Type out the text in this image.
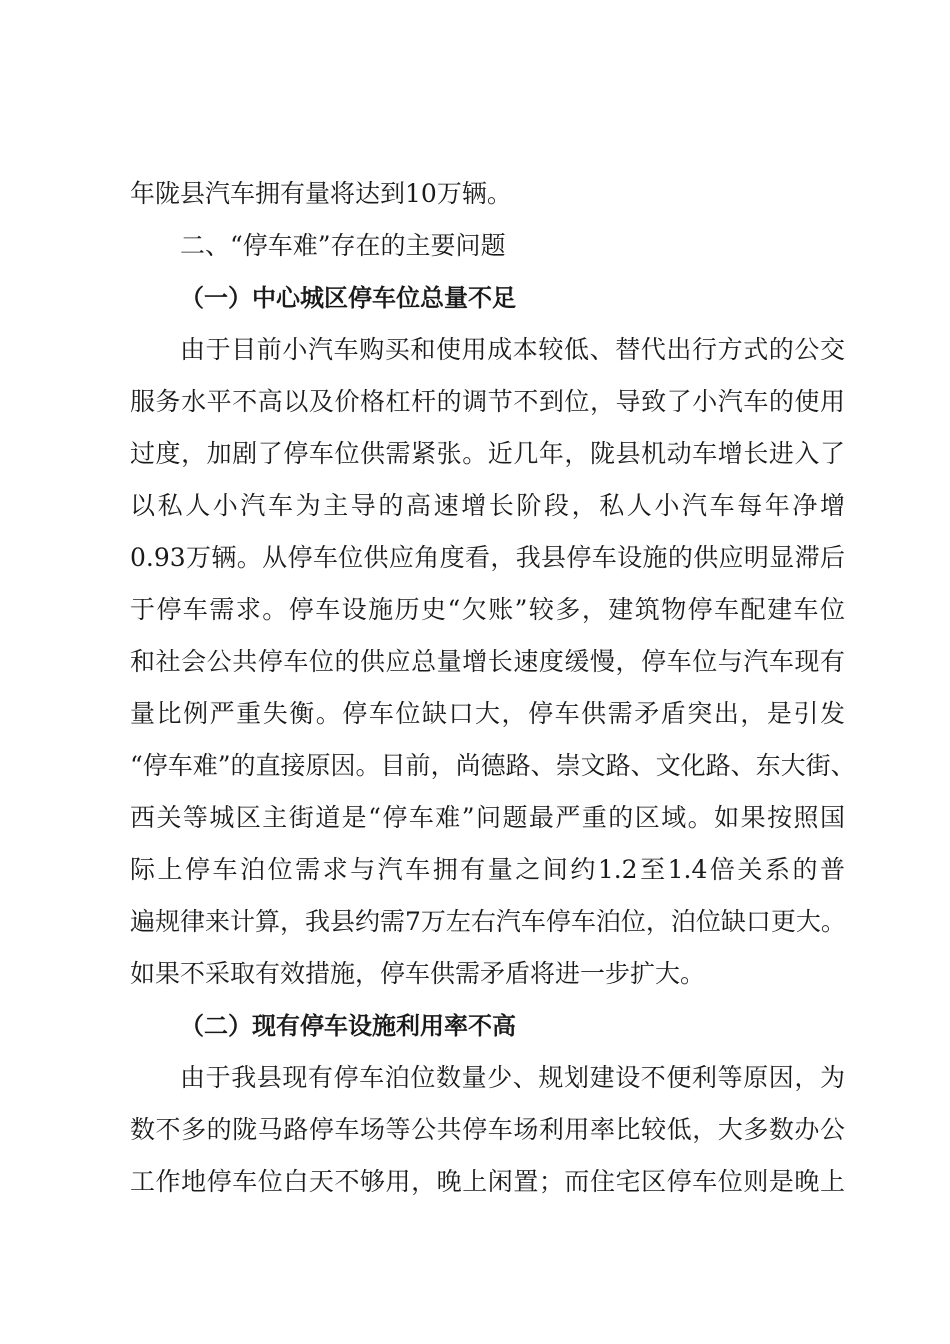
年陇县汽车拥有量将达到10万辆。
二、“停车难”存在的主要问题
（一）中心城区停车位总量不足
由于目前小汽车购买和使用成本较低、替代出行方式的公交
服务水平不高以及价格杠杆的调节不到位，导致了小汽车的使用
过度，加剧了停车位供需紧张。近几年，陇县机动车增长进入了
以私人小汽车为主导的高速增长阶段，私人小汽车每年净增
0.93万辆。从停车位供应角度看，我县停车设施的供应明显滞后
于停车需求。停车设施历史“欠账”较多，建筑物停车配建车位
和社会公共停车位的供应总量增长速度缓慢，停车位与汽车现有
量比例严重失衡。停车位缺口大，停车供需矛盾突出，是引发
“停车难”的直接原因。目前，尚德路、崇文路、文化路、东大街、
西关等城区主街道是“停车难”问题最严重的区域。如果按照国
际上停车泊位需求与汽车拥有量之间约1.2至1.4倍关系的普
遍规律来计算，我县约需7万左右汽车停车泊位，泊位缺口更大。
如果不采取有效措施，停车供需矛盾将进一步扩大。
（二）现有停车设施利用率不高
由于我县现有停车泊位数量少、规划建设不便利等原因，为
数不多的陇马路停车场等公共停车场利用率比较低，大多数办公
工作地停车位白天不够用，晚上闲置；而住宅区停车位则是晚上
